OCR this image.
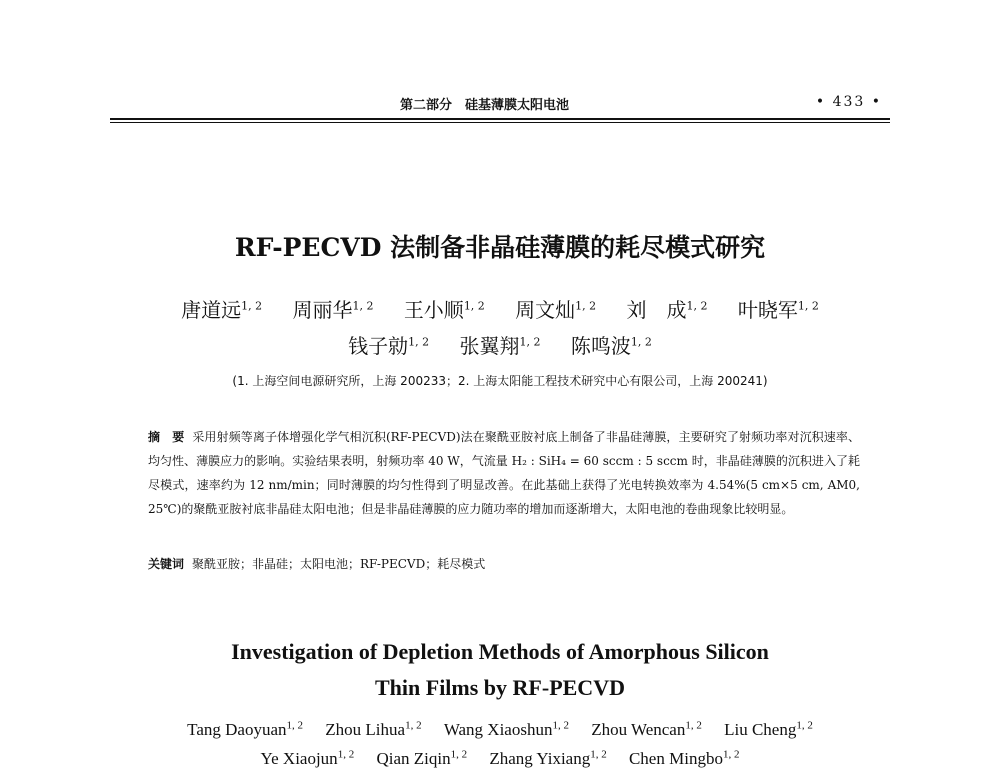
第二部分　硅基薄膜太阳电池	• 433 •
RF-PECVD 法制备非晶硅薄膜的耗尽模式研究
唐道远$^{1, 2}$ 周丽华$^{1, 2}$ 王小顺$^{1, 2}$ 周文灿$^{1, 2}$ 刘　成$^{1, 2}$ 叶晓军$^{1, 2}$
钱子勍$^{1, 2}$ 张翼翔$^{1, 2}$ 陈鸣波$^{1, 2}$
(1. 上海空间电源研究所，上海 200233；2. 上海太阳能工程技术研究中心有限公司，上海 200241)
摘　要 采用射频等离子体增强化学气相沉积(RF-PECVD)法在聚酰亚胺衬底上制备了非晶硅薄膜，主要研究了射频功率对沉积速率、均匀性、薄膜应力的影响。实验结果表明，射频功率 40 W，气流量 H₂ : SiH₄ = 60 sccm : 5 sccm 时，非晶硅薄膜的沉积进入了耗尽模式，速率约为 12 nm/min；同时薄膜的均匀性得到了明显改善。在此基础上获得了光电转换效率为 4.54%(5 cm×5 cm, AM0, 25℃)的聚酰亚胺衬底非晶硅太阳电池；但是非晶硅薄膜的应力随功率的增加而逐渐增大，太阳电池的卷曲现象比较明显。
关键词 聚酰亚胺；非晶硅；太阳电池；RF-PECVD；耗尽模式
Investigation of Depletion Methods of Amorphous Silicon
Thin Films by RF-PECVD
Tang Daoyuan$^{1, 2}$ Zhou Lihua$^{1, 2}$ Wang Xiaoshun$^{1, 2}$ Zhou Wencan$^{1, 2}$ Liu Cheng$^{1, 2}$
Ye Xiaojun$^{1, 2}$ Qian Ziqin$^{1, 2}$ Zhang Yixiang$^{1, 2}$ Chen Mingbo$^{1, 2}$
